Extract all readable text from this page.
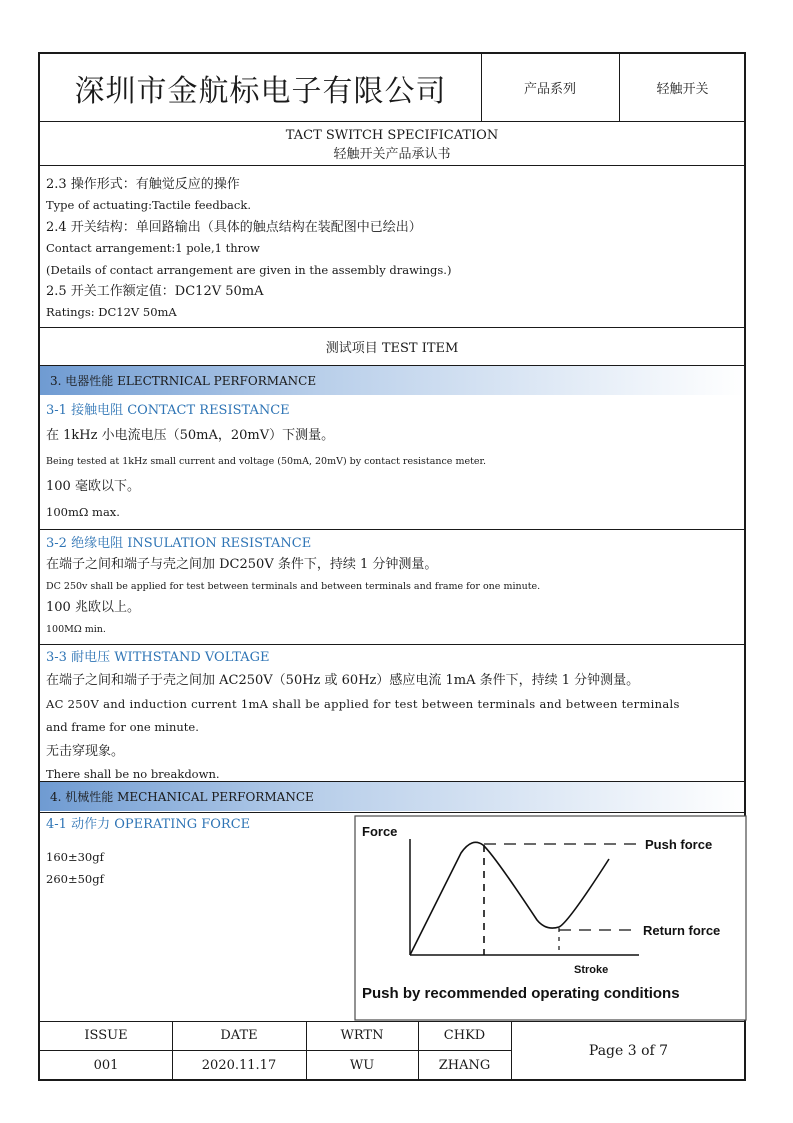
深圳市金航标电子有限公司	产品系列	轻触开关
TACT SWITCH SPECIFICATION
轻触开关产品承认书
2.3 操作形式：有触觉反应的操作
Type of actuating:Tactile feedback.
2.4 开关结构：单回路输出（具体的触点结构在装配图中已绘出）
Contact arrangement:1 pole,1 throw
(Details of contact arrangement are given in the assembly drawings.)
2.5 开关工作额定值：DC12V 50mA
Ratings: DC12V 50mA
测试项目 TEST ITEM
3. 电器性能 ELECTRNICAL PERFORMANCE
3-1 接触电阻 CONTACT RESISTANCE
在 1kHz 小电流电压（50mA，20mV）下测量。
Being tested at 1kHz small current and voltage (50mA, 20mV) by contact resistance meter.
100 毫欧以下。
100mΩ max.
3-2 绝缘电阻 INSULATION RESISTANCE
在端子之间和端子与壳之间加 DC250V 条件下，持续 1 分钟测量。
DC 250v shall be applied for test between terminals and between terminals and frame for one minute.
100 兆欧以上。
100MΩ min.
3-3 耐电压 WITHSTAND VOLTAGE
在端子之间和端子于壳之间加 AC250V（50Hz 或 60Hz）感应电流 1mA 条件下，持续 1 分钟测量。
AC 250V and induction current 1mA shall be applied for test between terminals and between terminals
and frame for one minute.
无击穿现象。
There shall be no breakdown.
4. 机械性能 MECHANICAL PERFORMANCE
4-1 动作力 OPERATING FORCE
160±30gf
260±50gf
Force
Push force
Return force
Stroke
Push by recommended operating conditions
ISSUE	DATE	WRTN	CHKD
001	2020.11.17	WU	ZHANG
Page 3 of 7
